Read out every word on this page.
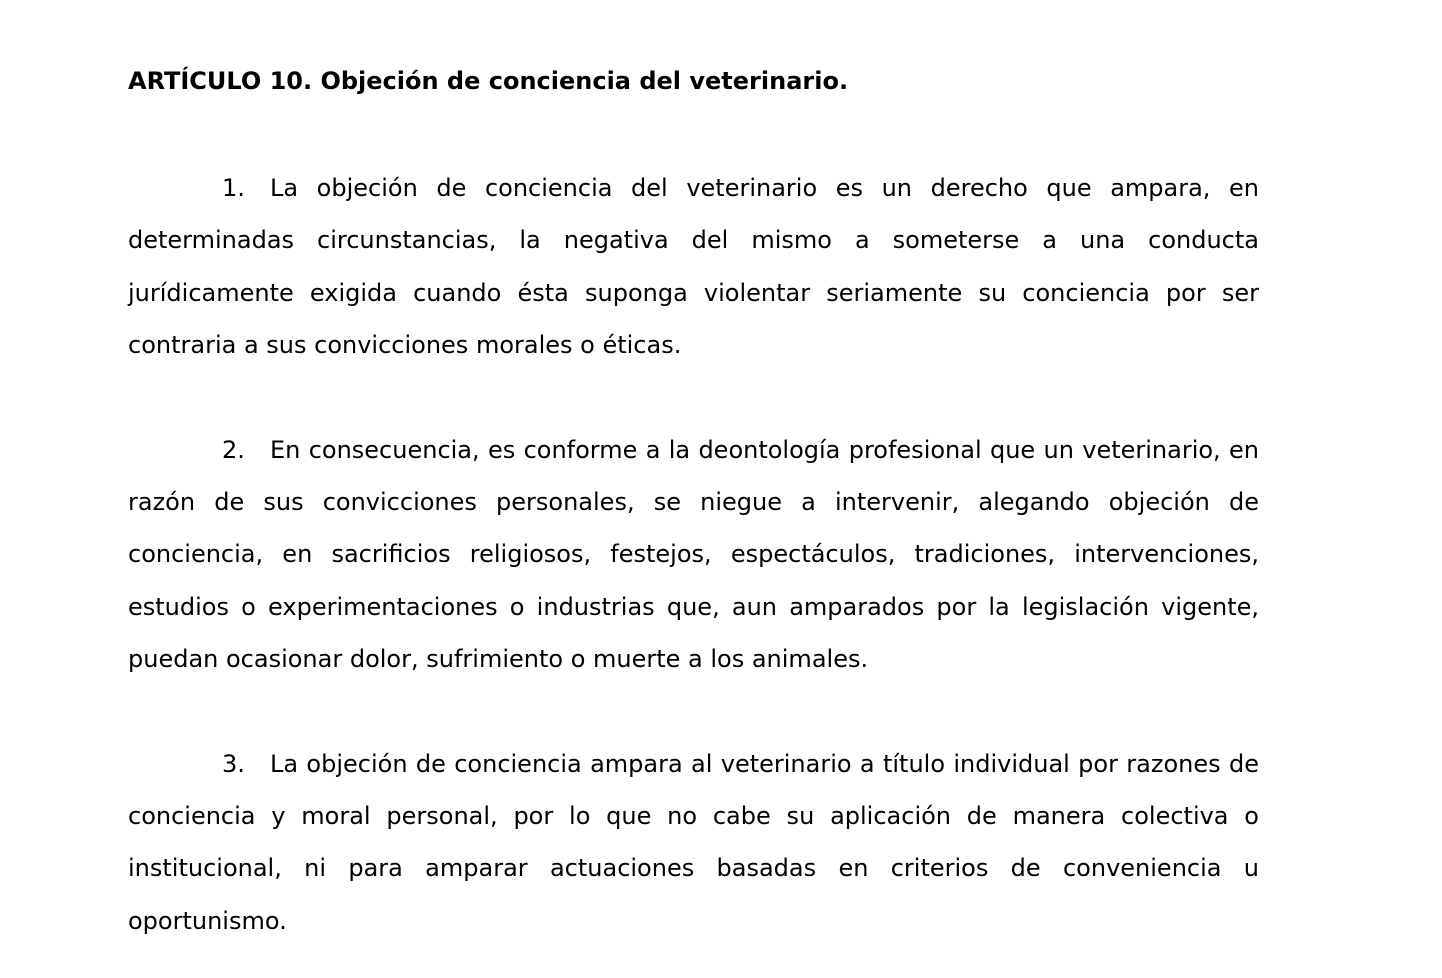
ARTÍCULO 10. Objeción de conciencia del veterinario.

1. La objeción de conciencia del veterinario es un derecho que ampara, en determinadas circunstancias, la negativa del mismo a someterse a una conducta jurídicamente exigida cuando ésta suponga violentar seriamente su conciencia por ser contraria a sus convicciones morales o éticas.

2. En consecuencia, es conforme a la deontología profesional que un veterinario, en razón de sus convicciones personales, se niegue a intervenir, alegando objeción de conciencia, en sacrificios religiosos, festejos, espectáculos, tradiciones, intervenciones, estudios o experimentaciones o industrias que, aun amparados por la legislación vigente, puedan ocasionar dolor, sufrimiento o muerte a los animales.

3. La objeción de conciencia ampara al veterinario a título individual por razones de conciencia y moral personal, por lo que no cabe su aplicación de manera colectiva o institucional, ni para amparar actuaciones basadas en criterios de conveniencia u oportunismo.
